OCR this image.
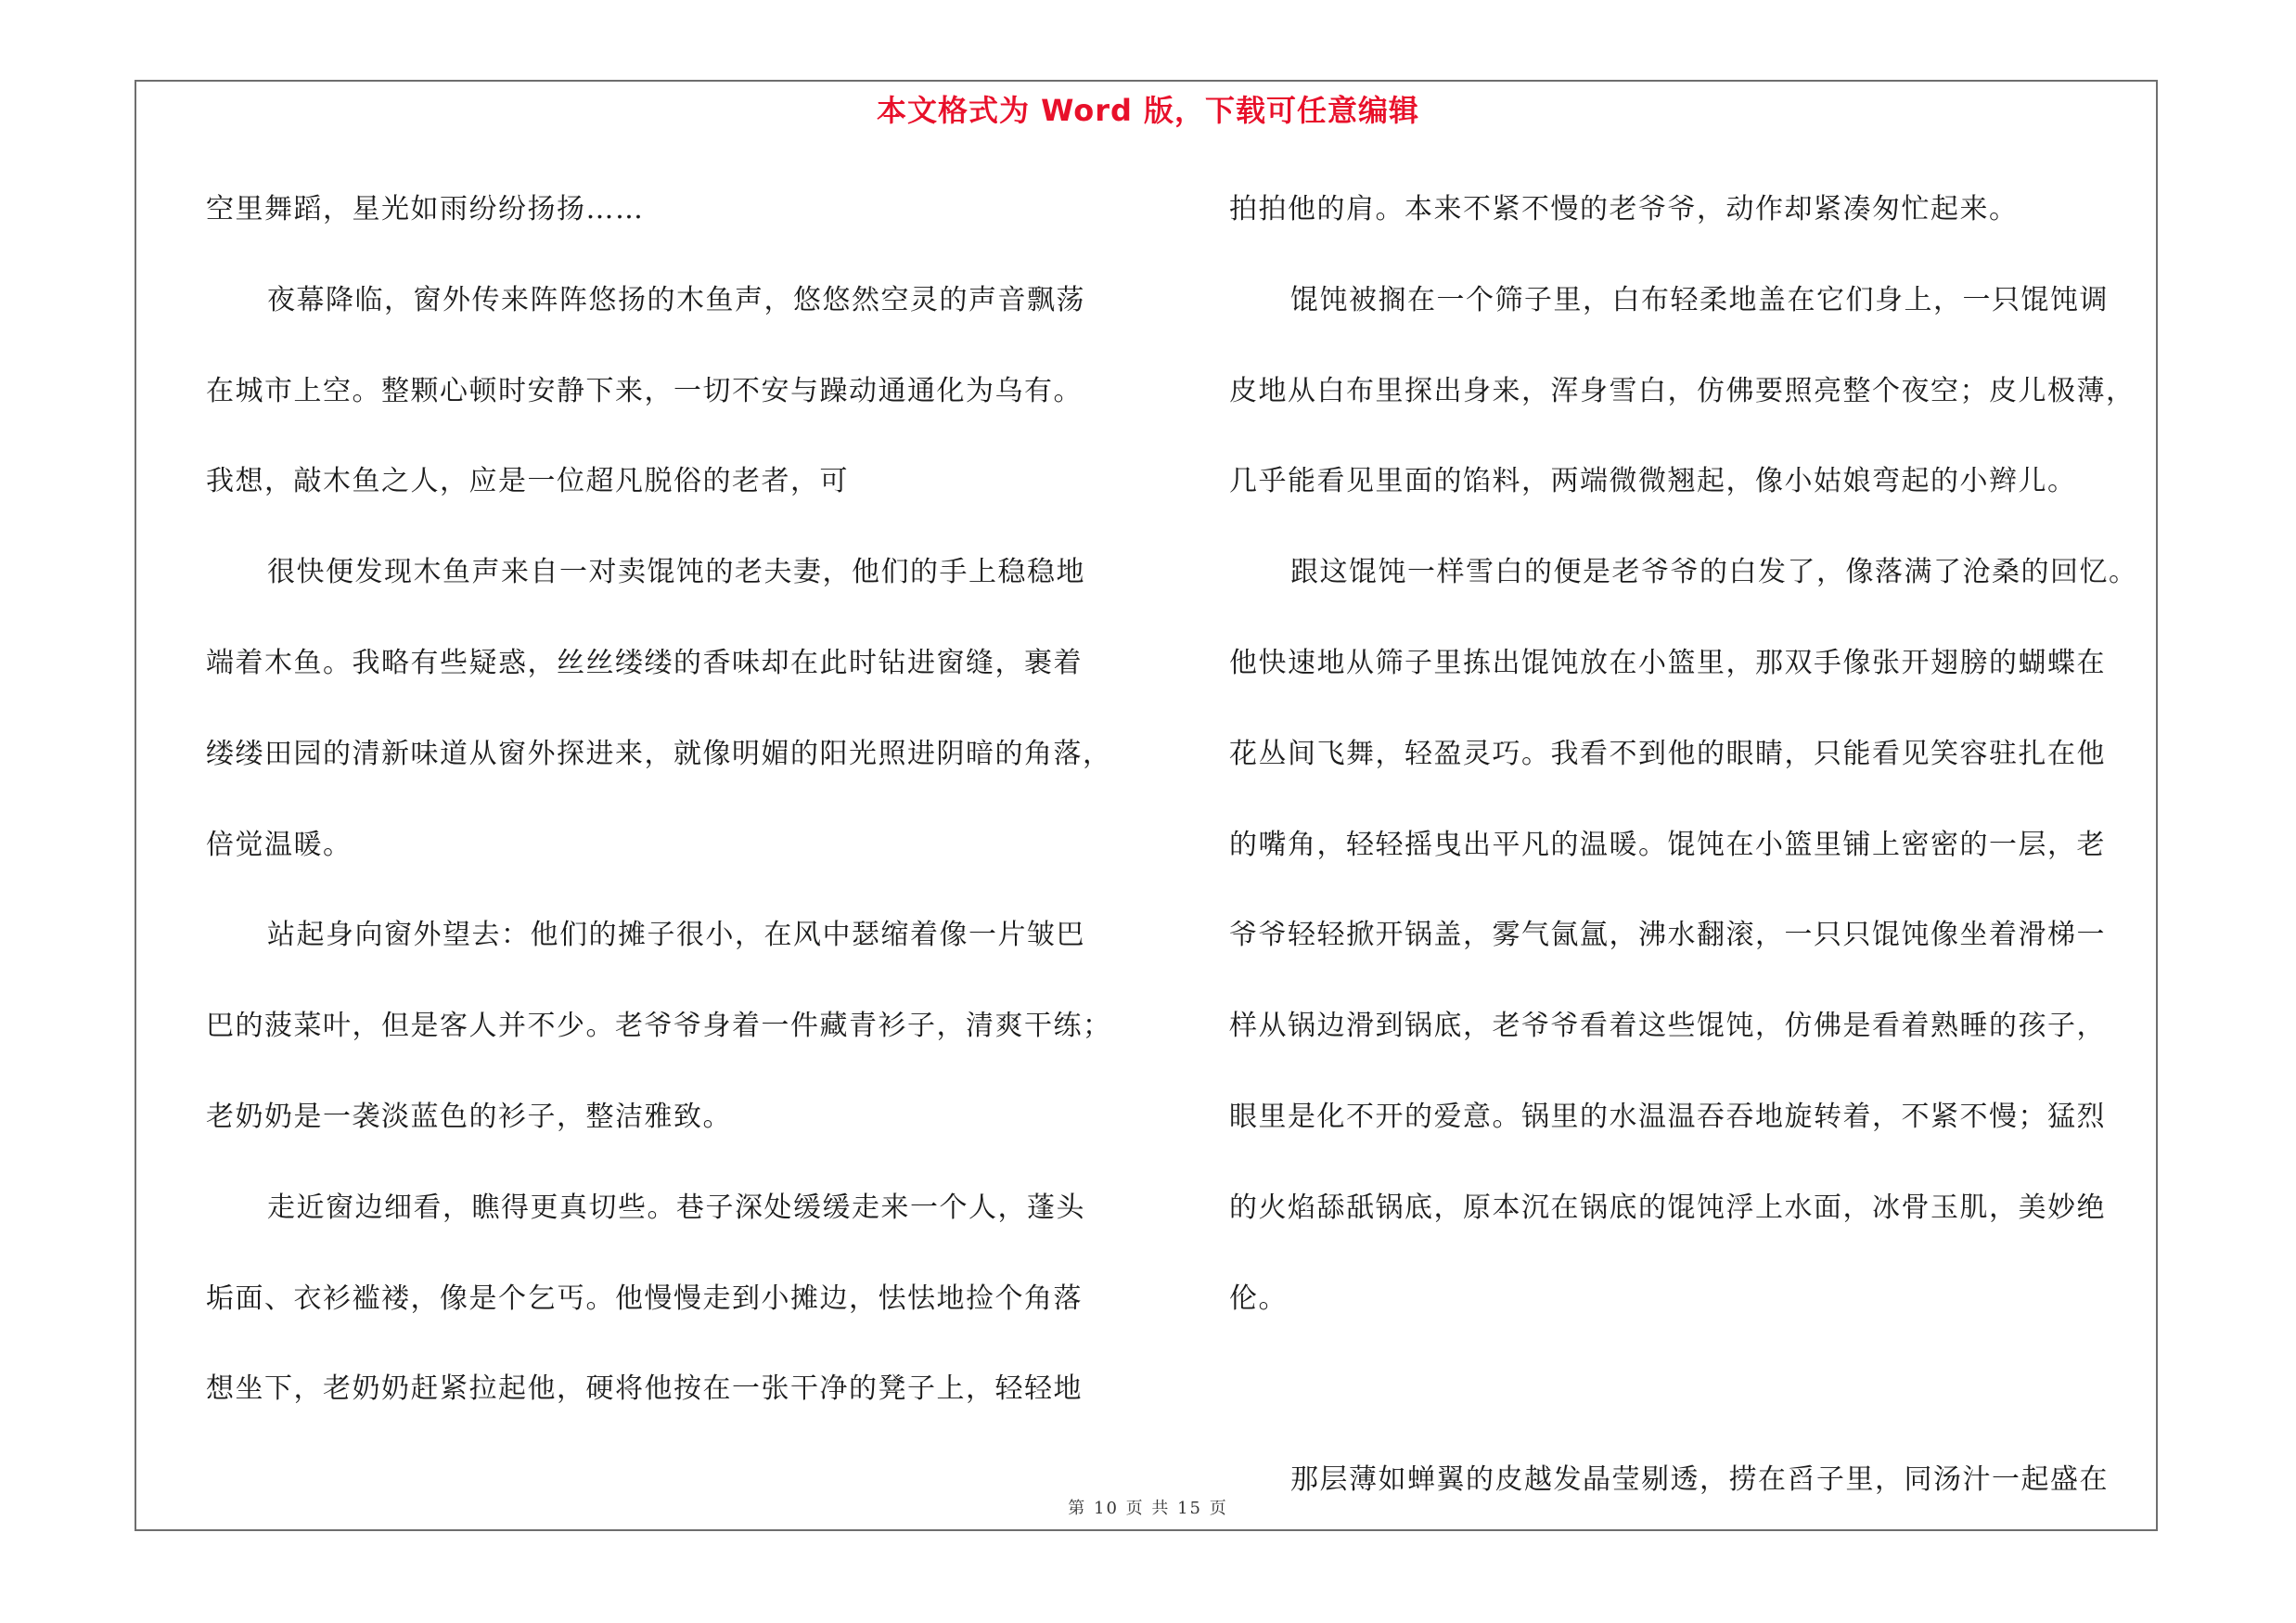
本文格式为 Word 版，下载可任意编辑
空里舞蹈，星光如雨纷纷扬扬……
夜幕降临，窗外传来阵阵悠扬的木鱼声，悠悠然空灵的声音飘荡
在城市上空。整颗心顿时安静下来，一切不安与躁动通通化为乌有。
我想，敲木鱼之人，应是一位超凡脱俗的老者，可
很快便发现木鱼声来自一对卖馄饨的老夫妻，他们的手上稳稳地
端着木鱼。我略有些疑惑，丝丝缕缕的香味却在此时钻进窗缝，裹着
缕缕田园的清新味道从窗外探进来，就像明媚的阳光照进阴暗的角落，
倍觉温暖。
站起身向窗外望去：他们的摊子很小，在风中瑟缩着像一片皱巴
巴的菠菜叶，但是客人并不少。老爷爷身着一件藏青衫子，清爽干练；
老奶奶是一袭淡蓝色的衫子，整洁雅致。
走近窗边细看，瞧得更真切些。巷子深处缓缓走来一个人，蓬头
垢面、衣衫褴褛，像是个乞丐。他慢慢走到小摊边，怯怯地捡个角落
想坐下，老奶奶赶紧拉起他，硬将他按在一张干净的凳子上，轻轻地
拍拍他的肩。本来不紧不慢的老爷爷，动作却紧凑匆忙起来。
馄饨被搁在一个筛子里，白布轻柔地盖在它们身上，一只馄饨调
皮地从白布里探出身来，浑身雪白，仿佛要照亮整个夜空；皮儿极薄，
几乎能看见里面的馅料，两端微微翘起，像小姑娘弯起的小辫儿。
跟这馄饨一样雪白的便是老爷爷的白发了，像落满了沧桑的回忆。
他快速地从筛子里拣出馄饨放在小篮里，那双手像张开翅膀的蝴蝶在
花丛间飞舞，轻盈灵巧。我看不到他的眼睛，只能看见笑容驻扎在他
的嘴角，轻轻摇曳出平凡的温暖。馄饨在小篮里铺上密密的一层，老
爷爷轻轻掀开锅盖，雾气氤氲，沸水翻滚，一只只馄饨像坐着滑梯一
样从锅边滑到锅底，老爷爷看着这些馄饨，仿佛是看着熟睡的孩子，
眼里是化不开的爱意。锅里的水温温吞吞地旋转着，不紧不慢；猛烈
的火焰舔舐锅底，原本沉在锅底的馄饨浮上水面，冰骨玉肌，美妙绝
伦。
那层薄如蝉翼的皮越发晶莹剔透，捞在舀子里，同汤汁一起盛在
第 10 页 共 15 页
